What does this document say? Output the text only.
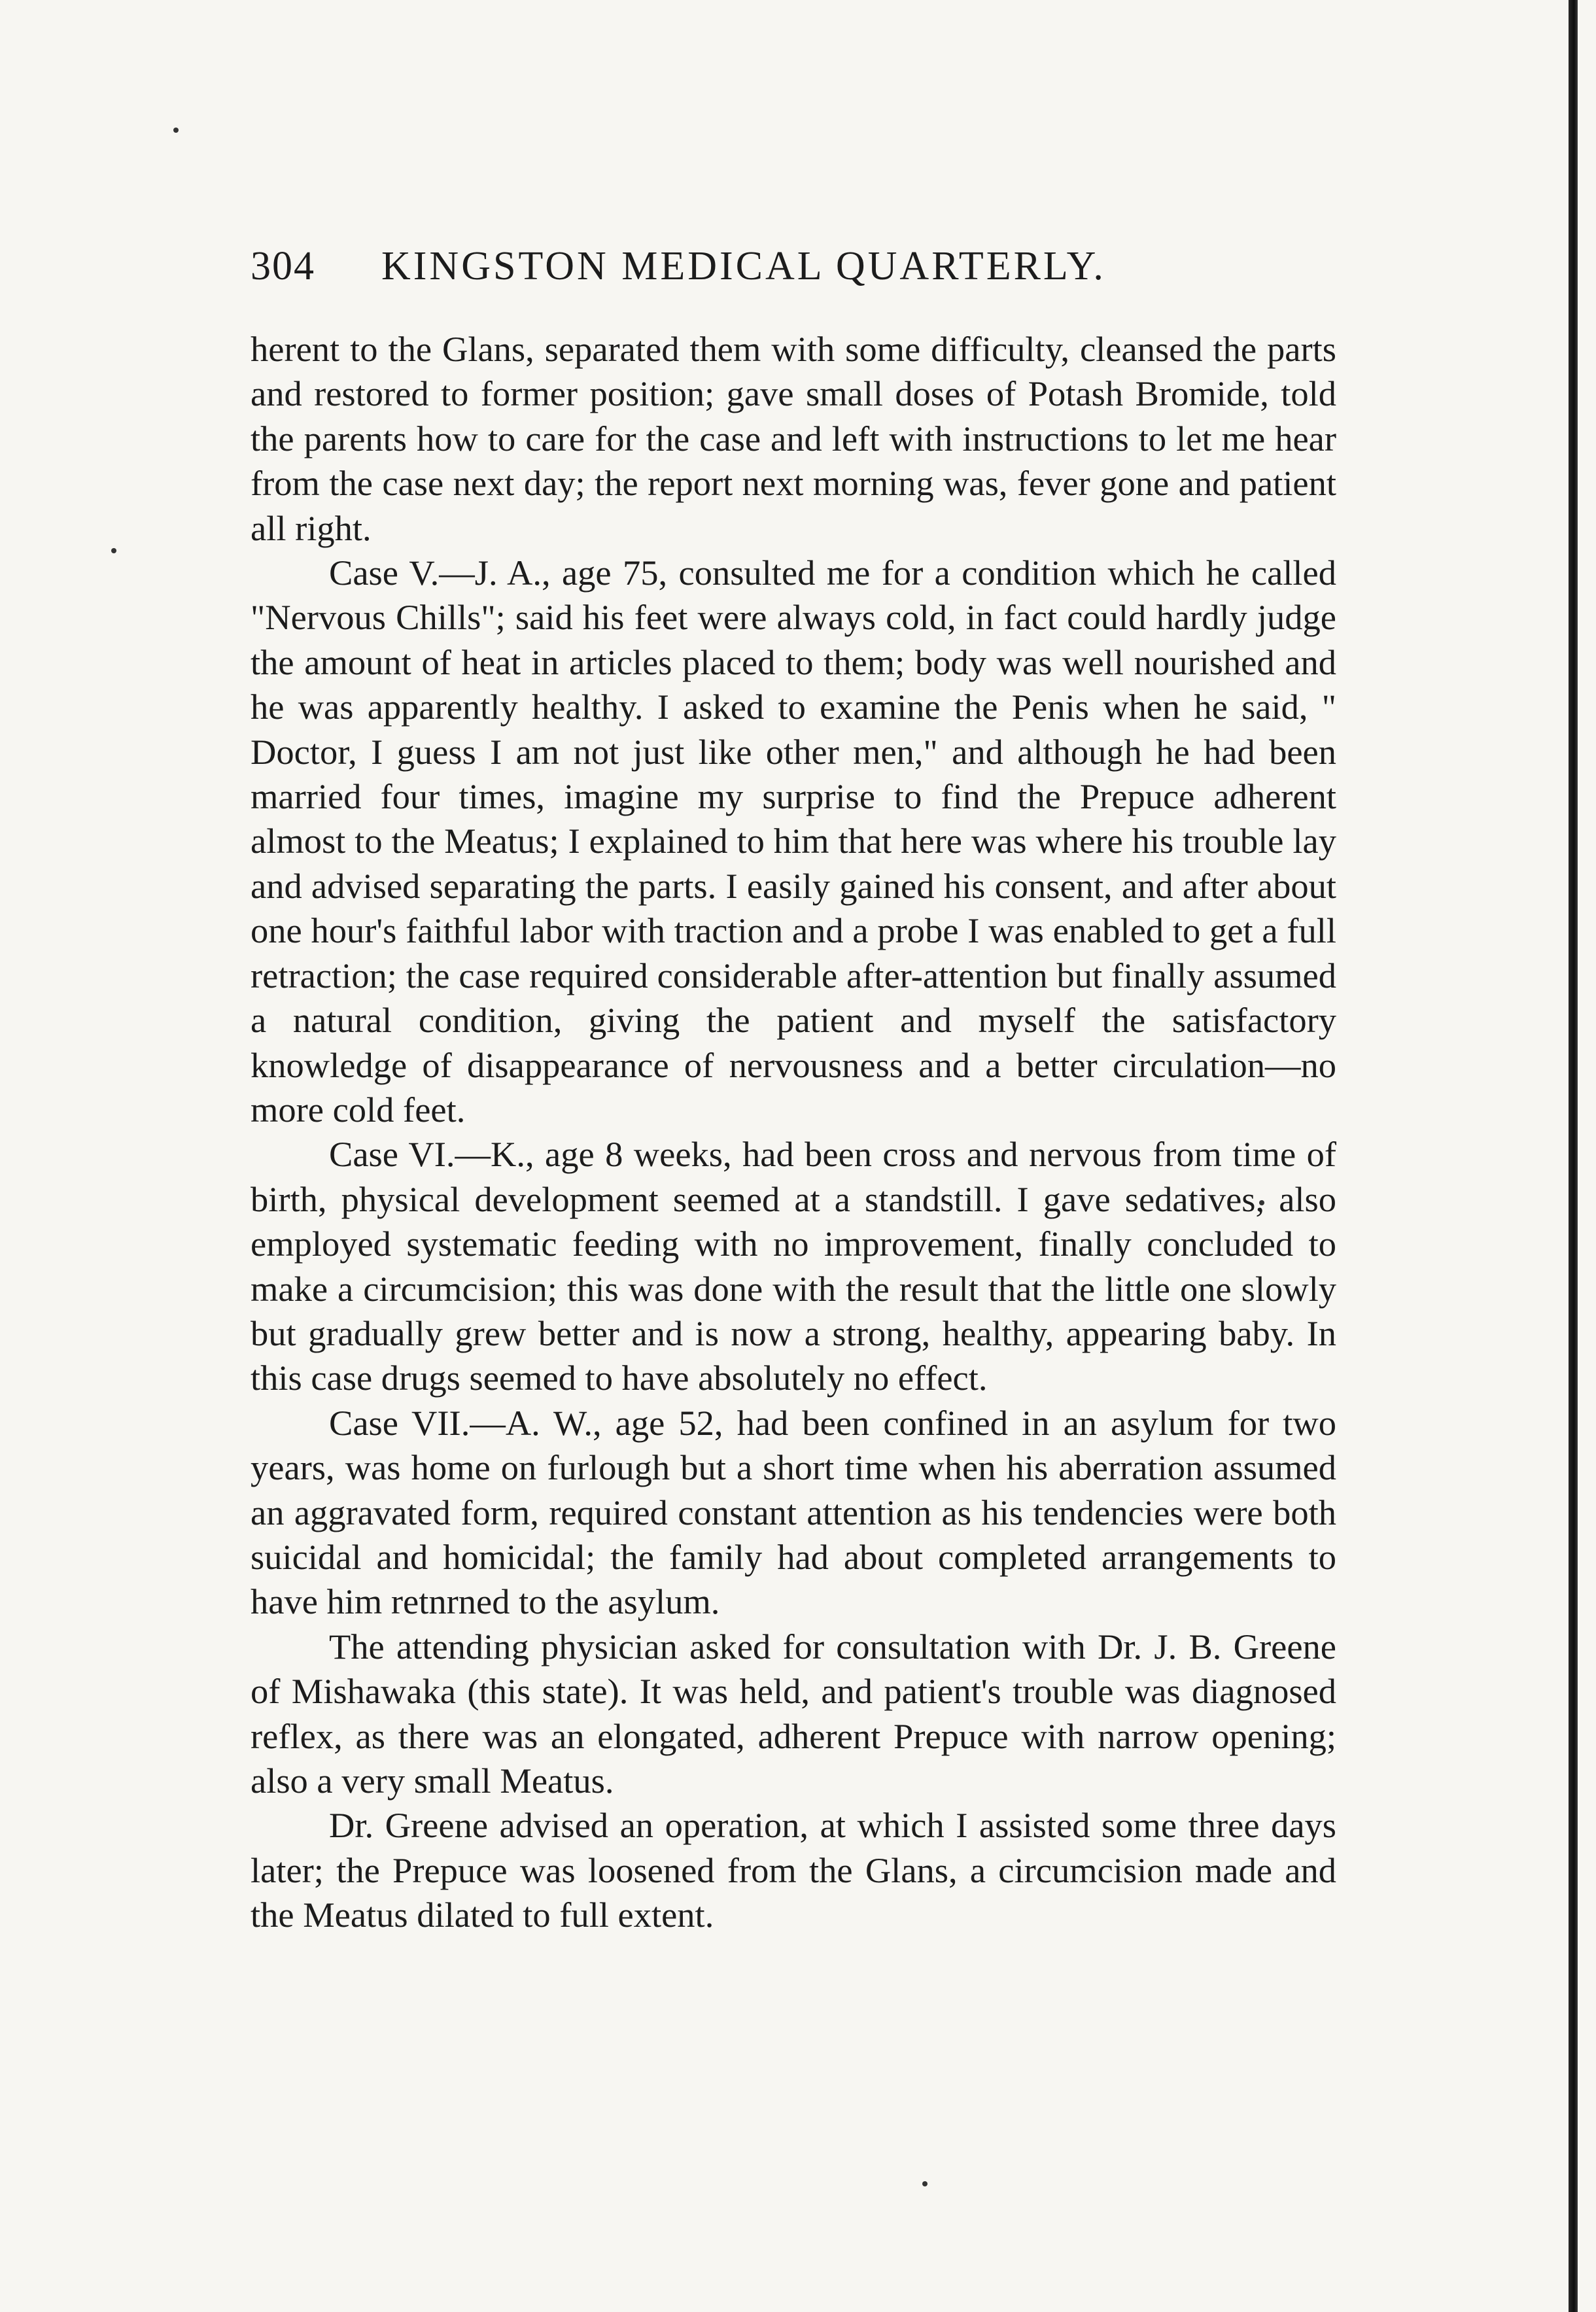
304 KINGSTON MEDICAL QUARTERLY.

herent to the Glans, separated them with some difficulty, cleansed the parts and restored to former position; gave small doses of Potash Bromide, told the parents how to care for the case and left with instructions to let me hear from the case next day; the report next morning was, fever gone and patient all right.

Case V.—J. A., age 75, consulted me for a condition which he called "Nervous Chills"; said his feet were always cold, in fact could hardly judge the amount of heat in articles placed to them; body was well nourished and he was apparently healthy. I asked to examine the Penis when he said, " Doctor, I guess I am not just like other men," and although he had been married four times, imagine my surprise to find the Prepuce adherent almost to the Meatus; I explained to him that here was where his trouble lay and advised separating the parts. I easily gained his consent, and after about one hour's faithful labor with traction and a probe I was enabled to get a full retraction; the case required considerable after-attention but finally assumed a natural condition, giving the patient and myself the satisfactory knowledge of disappearance of nervousness and a better circulation—no more cold feet.

Case VI.—K., age 8 weeks, had been cross and nervous from time of birth, physical development seemed at a standstill. I gave sedatives, also employed systematic feeding with no improvement, finally concluded to make a circumcision; this was done with the result that the little one slowly but gradually grew better and is now a strong, healthy, appearing baby. In this case drugs seemed to have absolutely no effect.

Case VII.—A. W., age 52, had been confined in an asylum for two years, was home on furlough but a short time when his aberration assumed an aggravated form, required constant attention as his tendencies were both suicidal and homicidal; the family had about completed arrangements to have him retnrned to the asylum.

The attending physician asked for consultation with Dr. J. B. Greene of Mishawaka (this state). It was held, and patient's trouble was diagnosed reflex, as there was an elongated, adherent Prepuce with narrow opening; also a very small Meatus.

Dr. Greene advised an operation, at which I assisted some three days later; the Prepuce was loosened from the Glans, a circumcision made and the Meatus dilated to full extent.
